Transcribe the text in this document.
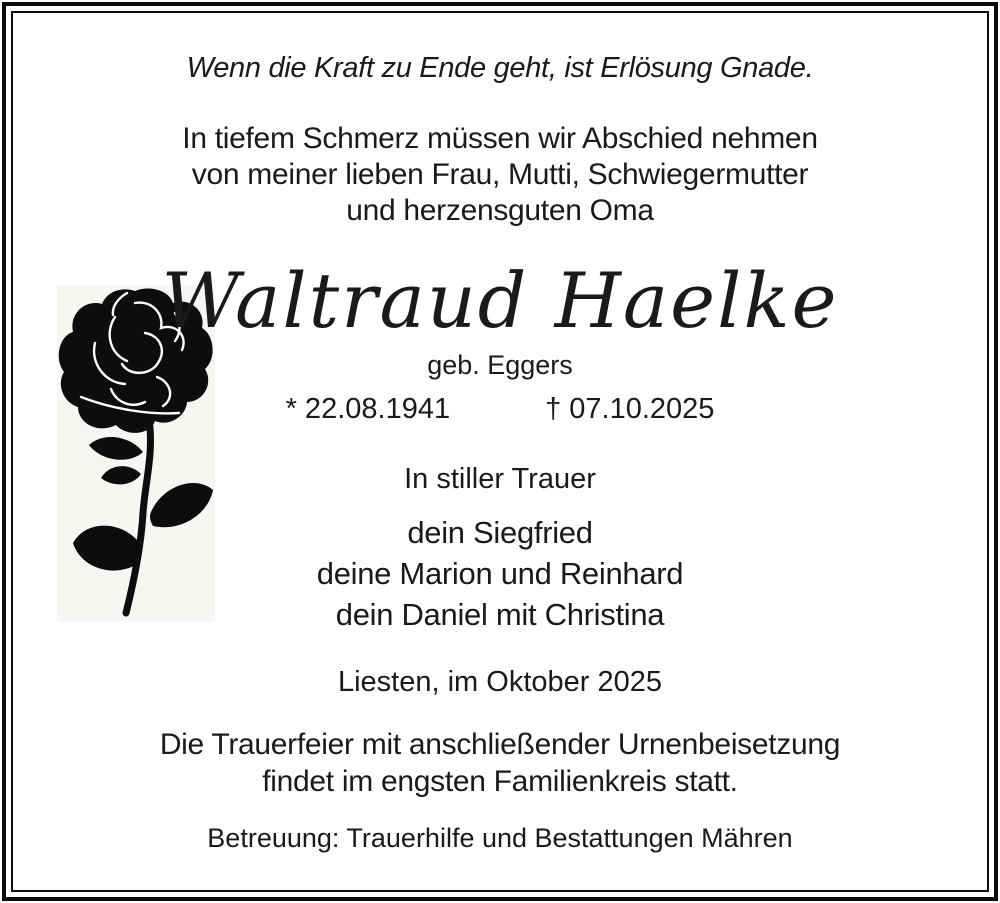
Wenn die Kraft zu Ende geht, ist Erlösung Gnade.
In tiefem Schmerz müssen wir Abschied nehmen
von meiner lieben Frau, Mutti, Schwiegermutter
und herzensguten Oma
Waltraud Haelke
geb. Eggers
* 22.08.1941	† 07.10.2025
In stiller Trauer
dein Siegfried
deine Marion und Reinhard
dein Daniel mit Christina
Liesten, im Oktober 2025
Die Trauerfeier mit anschließender Urnenbeisetzung
findet im engsten Familienkreis statt.
Betreuung: Trauerhilfe und Bestattungen Mähren
